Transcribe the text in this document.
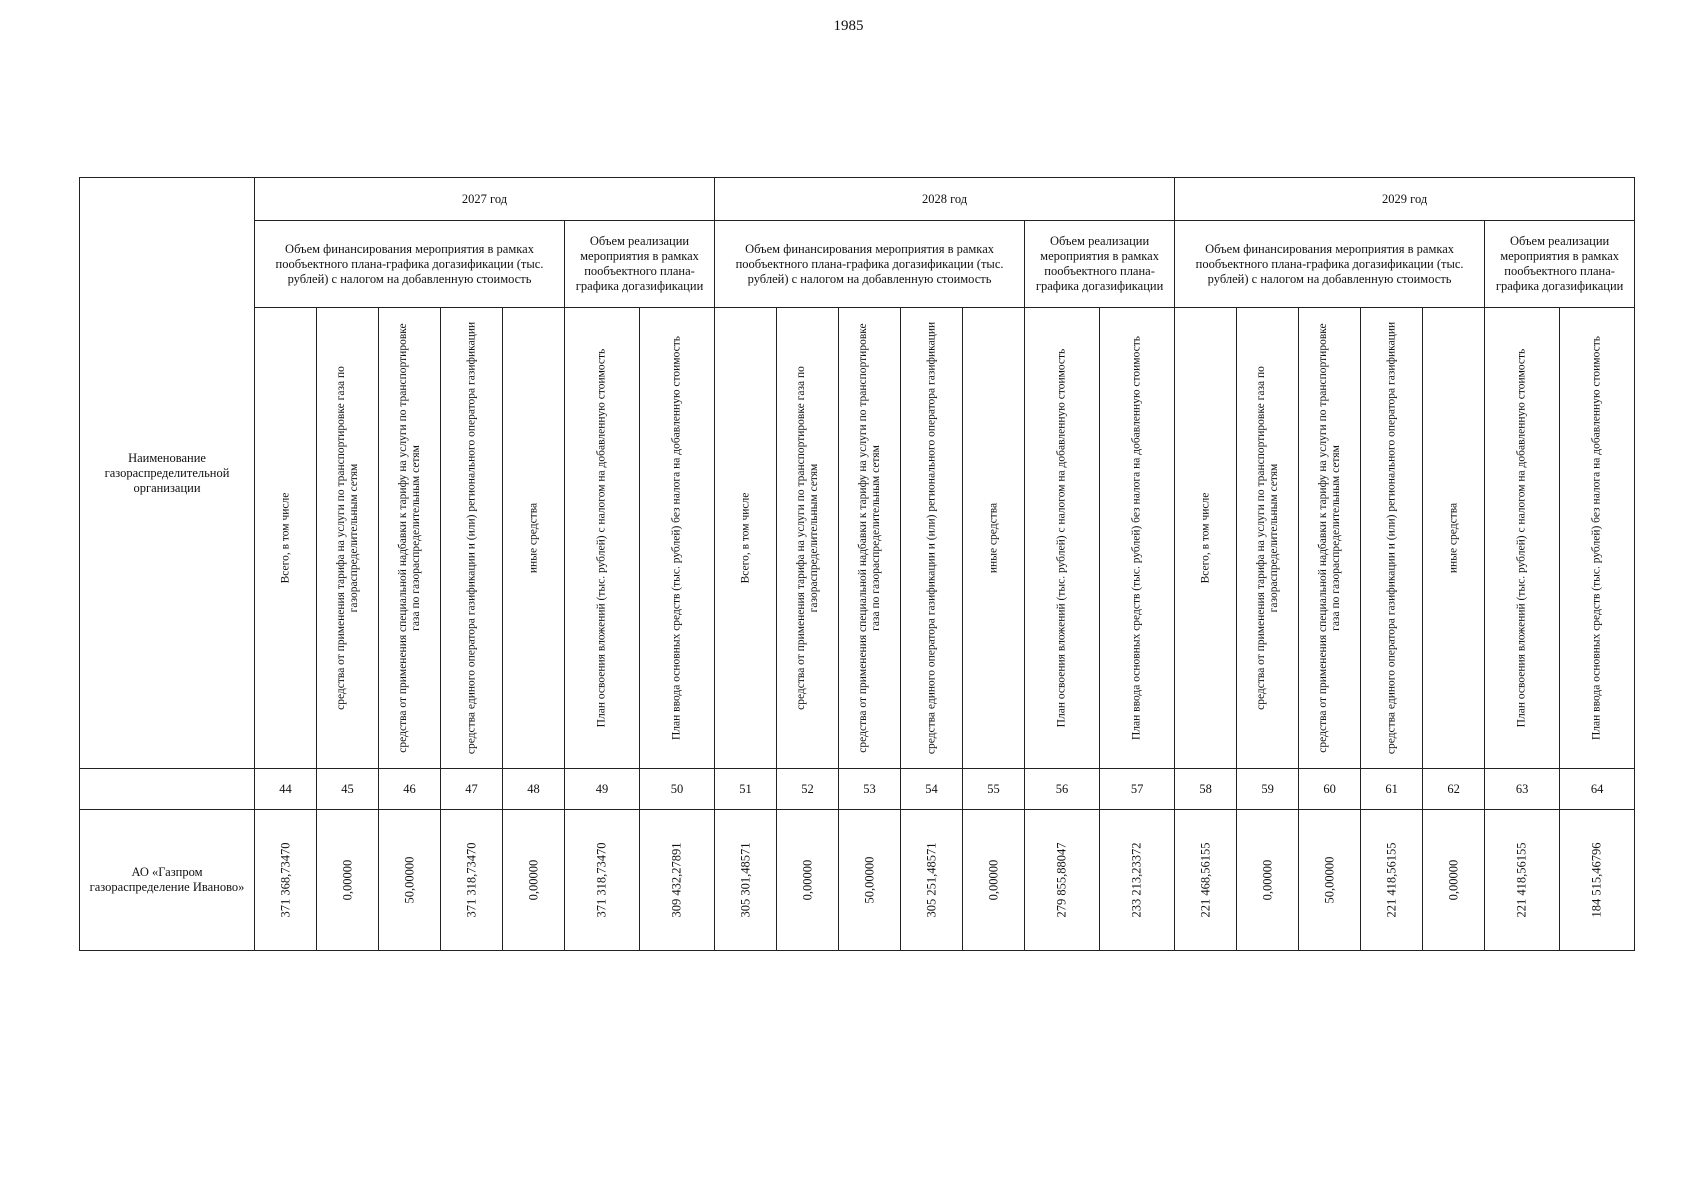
1985
Наименование газораспределительной организации	2027 год							2028 год							2029 год						
	Объем финансирования мероприятия в рамках пообъектного плана-графика догазификации (тыс. рублей) с налогом на добавленную стоимость					Объем реализации мероприятия в рамках пообъектного плана-графика догазификации		Объем финансирования мероприятия в рамках пообъектного плана-графика догазификации (тыс. рублей) с налогом на добавленную стоимость					Объем реализации мероприятия в рамках пообъектного плана-графика догазификации		Объем финансирования мероприятия в рамках пообъектного плана-графика догазификации (тыс. рублей) с налогом на добавленную стоимость					Объем реализации мероприятия в рамках пообъектного плана-графика догазификации	

	Всего, в том числе	средства от применения тарифа на услуги по транспортировке газа по газораспределительным сетям	средства от применения специальной надбавки к тарифу на услуги по транспортировке газа по газораспределительным сетям	средства единого оператора газификации и (или) регионального оператора газификации	иные средства	План освоения вложений (тыс. рублей) с налогом на добавленную стоимость	План ввода основных средств (тыс. рублей) без налога на добавленную стоимость	Всего, в том числе	средства от применения тарифа на услуги по транспортировке газа по газораспределительным сетям	средства от применения специальной надбавки к тарифу на услуги по транспортировке газа по газораспределительным сетям	средства единого оператора газификации и (или) регионального оператора газификации	иные средства	План освоения вложений (тыс. рублей) с налогом на добавленную стоимость	План ввода основных средств (тыс. рублей) без налога на добавленную стоимость	Всего, в том числе	средства от применения тарифа на услуги по транспортировке газа по газораспределительным сетям	средства от применения специальной надбавки к тарифу на услуги по транспортировке газа по газораспределительным сетям	средства единого оператора газификации и (или) регионального оператора газификации	иные средства	План освоения вложений (тыс. рублей) с налогом на добавленную стоимость	План ввода основных средств (тыс. рублей) без налога на добавленную стоимость

	44	45	46	47	48	49	50	51	52	53	54	55	56	57	58	59	60	61	62	63	64
АО «Газпром газораспределение Иваново»	371 368,73470	0,00000	50,00000	371 318,73470	0,00000	371 318,73470	309 432,27891	305 301,48571	0,00000	50,00000	305 251,48571	0,00000	279 855,88047	233 213,23372	221 468,56155	0,00000	50,00000	221 418,56155	0,00000	221 418,56155	184 515,46796
